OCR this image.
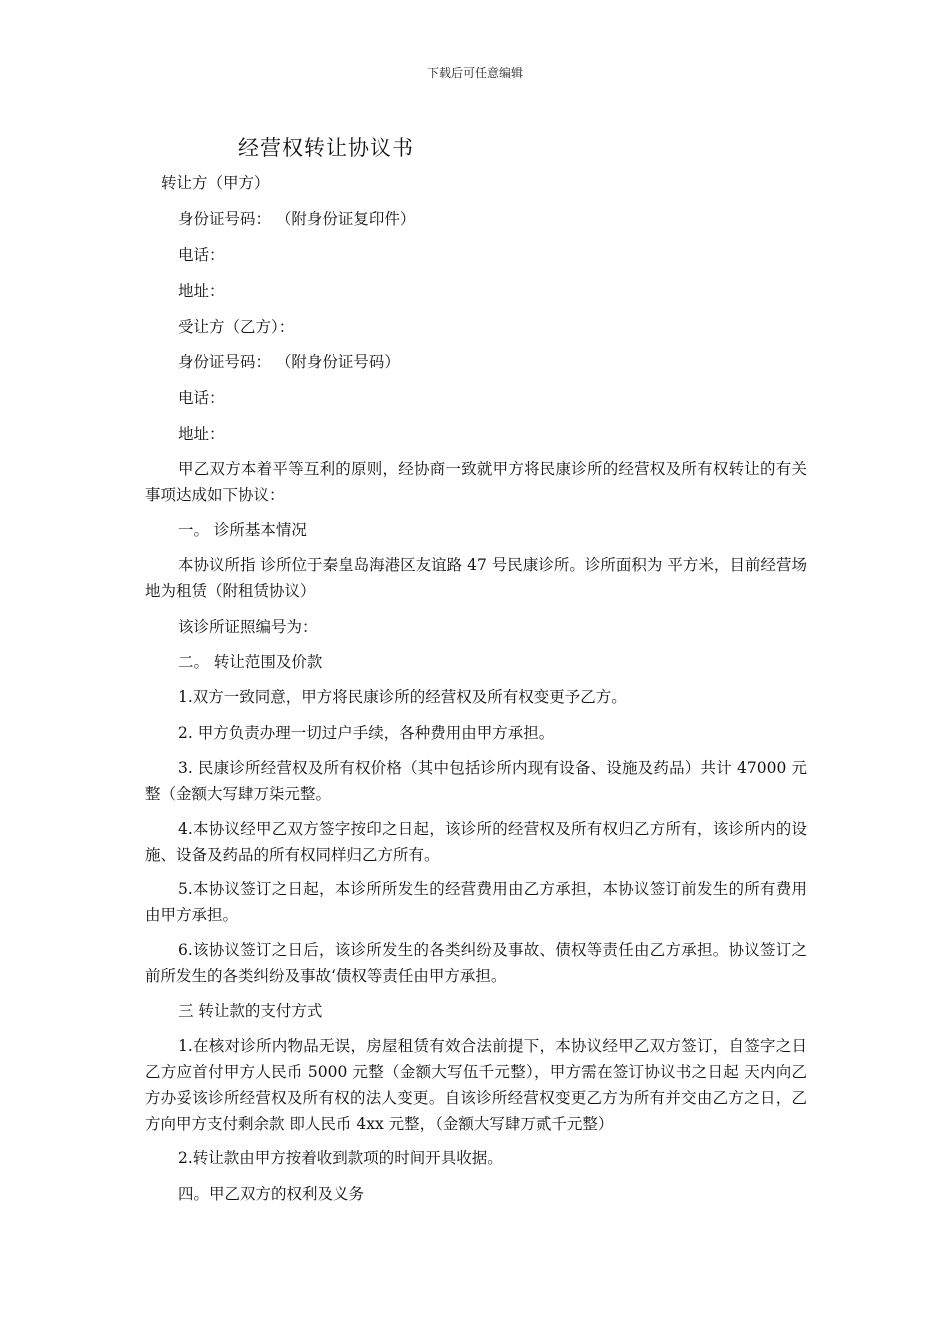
下载后可任意编辑
经营权转让协议书
转让方（甲方）
身份证号码： （附身份证复印件）
电话：
地址：
受让方（乙方）：
身份证号码： （附身份证号码）
电话：
地址：
甲乙双方本着平等互利的原则，经协商一致就甲方将民康诊所的经营权及所有权转让的有关事项达成如下协议：
一。 诊所基本情况
本协议所指 诊所位于秦皇岛海港区友谊路 47 号民康诊所。诊所面积为 平方米，目前经营场地为租赁（附租赁协议）
该诊所证照编号为：
二。 转让范围及价款
1.双方一致同意，甲方将民康诊所的经营权及所有权变更予乙方。
2. 甲方负责办理一切过户手续，各种费用由甲方承担。
3. 民康诊所经营权及所有权价格（其中包括诊所内现有设备、设施及药品）共计 47000 元整（金额大写肆万柒元整。
4.本协议经甲乙双方签字按印之日起，该诊所的经营权及所有权归乙方所有，该诊所内的设施、设备及药品的所有权同样归乙方所有。
5.本协议签订之日起，本诊所所发生的经营费用由乙方承担，本协议签订前发生的所有费用由甲方承担。
6.该协议签订之日后，该诊所发生的各类纠纷及事故、债权等责任由乙方承担。协议签订之前所发生的各类纠纷及事故‘债权等责任由甲方承担。
三 转让款的支付方式
1.在核对诊所内物品无误，房屋租赁有效合法前提下，本协议经甲乙双方签订，自签字之日乙方应首付甲方人民币 5000 元整（金额大写伍千元整），甲方需在签订协议书之日起 天内向乙方办妥该诊所经营权及所有权的法人变更。自该诊所经营权变更乙方为所有并交由乙方之日，乙方向甲方支付剩余款 即人民币 4xx 元整，（金额大写肆万贰千元整）
2.转让款由甲方按着收到款项的时间开具收据。
四。甲乙双方的权利及义务
